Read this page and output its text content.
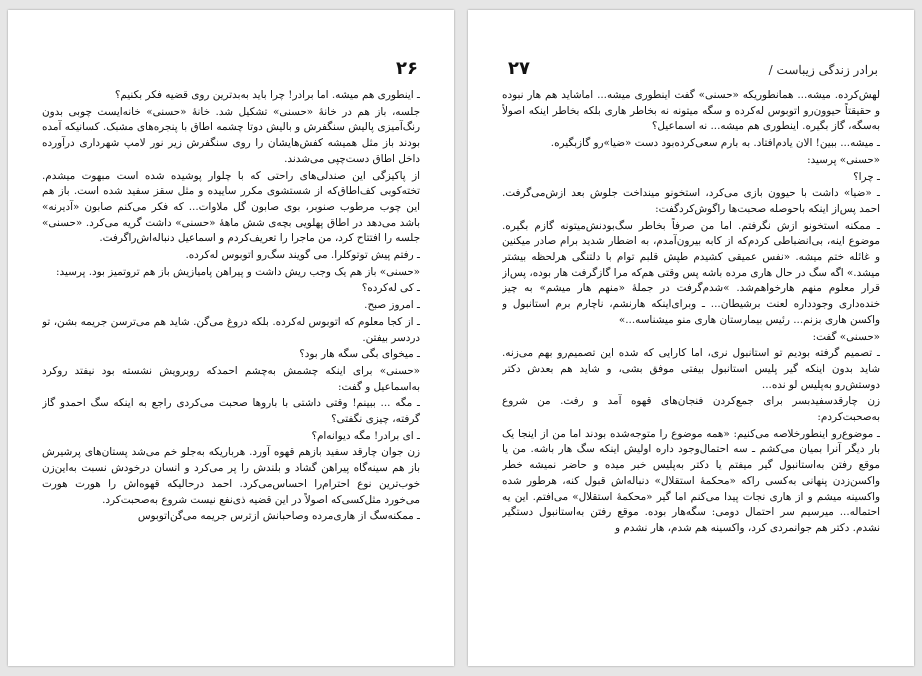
۲۶

ـ اینطوری هم میشه. اما برادر! چرا باید به‌بدترین روی قضیه فکر بکنیم؟

جلسه، باز هم در خانهٔ «حسنی» تشکیل شد. خانهٔ «حسنی» خانه‌ایست چوبی بدون رنگ‌آمیزی پالیش سنگفرش و بالیش دوتا چشمه اطاق با پنجره‌های مشبک. کسانیکه آمده بودند باز مثل همیشه کفش‌هایشان را روی سنگفرش زیر نور لامپ شهرداری درآورده داخل اطاق دست‌چپی می‌شدند.

از پاکیزگی این صندلی‌های راحتی که با چلوار پوشیده شده است مبهوت میشدم. تخته‌کوبی کف‌اطاق‌که از شستشوی مکرر ساییده و مثل سقز سفید شده است. باز هم این چوب مرطوب صنوبر، بوی صابون گل ملاوات... که فکر می‌کنم صابون «آدیرنه» باشد می‌دهد در اطاق پهلویی بچه‌ی شش ماههٔ «حسنی» داشت گریه می‌کرد. «حسنی» جلسه را افتتاح کرد، من ماجرا را تعریف‌کردم و اسماعیل دنباله‌اش‌را‌گرفت.

ـ رفتم پیش توتوکلرا. می گویند سگ‌رو اتوبوس له‌کرده.

«حسنی» باز هم یک وجب ریش داشت و پیراهن پامیازیش باز هم تروتمیز بود. پرسید:

ـ کی له‌کرده؟

ـ امروز صبح.

ـ از کجا معلوم که اتوبوس له‌کرده. بلکه دروغ می‌گن. شاید هم می‌ترسن جریمه بشن، تو دردسر بیفتن.

ـ میخوای بگی سگه هار بود؟

«حسنی» برای اینکه چشمش به‌چشم احمدکه روبرویش نشسته بود نیفتد روکرد به‌اسماعیل و گفت:

ـ مگه ... ببینم! وقتی داشتی با باروها صحبت می‌کردی راجع به اینکه سگ احمدو گاز گرفته، چیزی نگفتی؟

ـ ای برادر! مگه دیوانه‌ام؟

زن جوان چارقد سفید بازهم قهوه آورد. هرباریکه به‌جلو خم می‌شد پستان‌های پرشیرش باز هم سینه‌گاه پیراهن گشاد و بلندش را پر می‌کرد و انسان درخودش نسبت به‌این‌زن خوب‌ترین نوع احترام‌را احساس‌می‌کرد. احمد درحالیکه قهوه‌اش را هورت هورت می‌خورد مثل‌کسی‌که اصولاً در این قضیه ذی‌نفع نیست شروع به‌صحبت‌کرد.

ـ ممکنه‌سگ از هاری‌مرده و‌صاحبانش ازترس جریمه می‌گن‌اتوبوس

برادر زندگی زیباست /
۲۷

لهش‌کرده. میشه... همانطوریکه «حسنی» گفت اینطوری میشه... اماشاید هم هار نبوده و حقیقتاً حیوون‌رو اتوبوس له‌کرده و سگه میتونه نه بخاطر هاری بلکه بخاطر اینکه اصولاً به‌سگه، گاز بگیره. اینطوری هم میشه... نه اسماعیل؟

ـ میشه... ببین! الان یادم‌افتاد. به بارم سعی‌کرده‌بود دست «ضیا»رو گازبگیره.

«حسنی» پرسید:

ـ چرا؟

ـ «ضیا» داشت با حیوون بازی می‌کرد، استخونو مینداخت جلوش بعد ازش‌می‌گرفت. احمد پس‌از اینکه با‌حوصله صحبت‌ها را‌گوش‌کرد‌گفت:

ـ ممکنه استخونو ازش نگرفتم. اما من صرفاً بخاطر سگ‌بودنش‌میتونه گازم بگیره. موضوع اینه، بی‌انضباطی کردم‌که از کابه بیرون‌آمدم، به اضطار شدید برام صادر میکنین و غائله ختم میشه. «نفس عمیقی کشیدم طپش قلبم توام با دلتنگی هرلحظه بیشتر میشد.» اگه سگ در حال هاری مرده باشه پس وقتی هم‌که مرا گازگرفت هار بوده، پس‌از قرار معلوم منهم هارخواهم‌شد. »شدم‌گرفت در جملهٔ «منهم هار میشم» به چیز خنده‌داری وجودداره لعنت برشیطان... ـ وبرای‌اینکه هارنشم، ناچارم برم استانبول و واکسن هاری بزنم... رئیس بیمارستان هاری منو میشناسه...»

«حسنی» گفت:

ـ تصمیم گرفته بودیم تو استانبول نری، اما کارایی که شده این تصمیم‌رو بهم می‌زنه. شاید بدون اینکه گیر پلیس استانبول بیفتی موفق بشی، و شاید هم بعدش دکتر دوستش‌رو به‌پلیس لو نده...

زن چارقدسفید‌بسر برای جمع‌کردن فنجان‌های قهوه آمد و رفت. من شروع به‌صحبت‌کردم:

ـ موضوع‌رو اینطورخلاصه می‌کنیم: «همه موضوع را متوجه‌شده بودند اما من از اینجا یک بار دیگر آنرا بمیان می‌کشم ـ سه احتمال‌وجود داره اولیش اینکه سگ هار باشه. من یا موقع رفتن به‌استانبول گیر میفتم یا دکتر به‌پلیس خبر میده و حاضر نمیشه خطر واکسن‌زدن پنهانی به‌کسی راکه «محکمهٔ استقلال» دنباله‌اش قبول کنه، هرطور شده واکسینه میشم و از هاری نجات پیدا می‌کنم اما گیر «محکمهٔ استقلال» می‌افتم. این یه احتماله... میرسیم سر احتمال دومی: سگه‌هار بوده. موقع رفتن به‌استانبول دستگیر نشدم. دکتر هم جوانمردی کرد، واکسینه هم شدم، هار نشدم و
